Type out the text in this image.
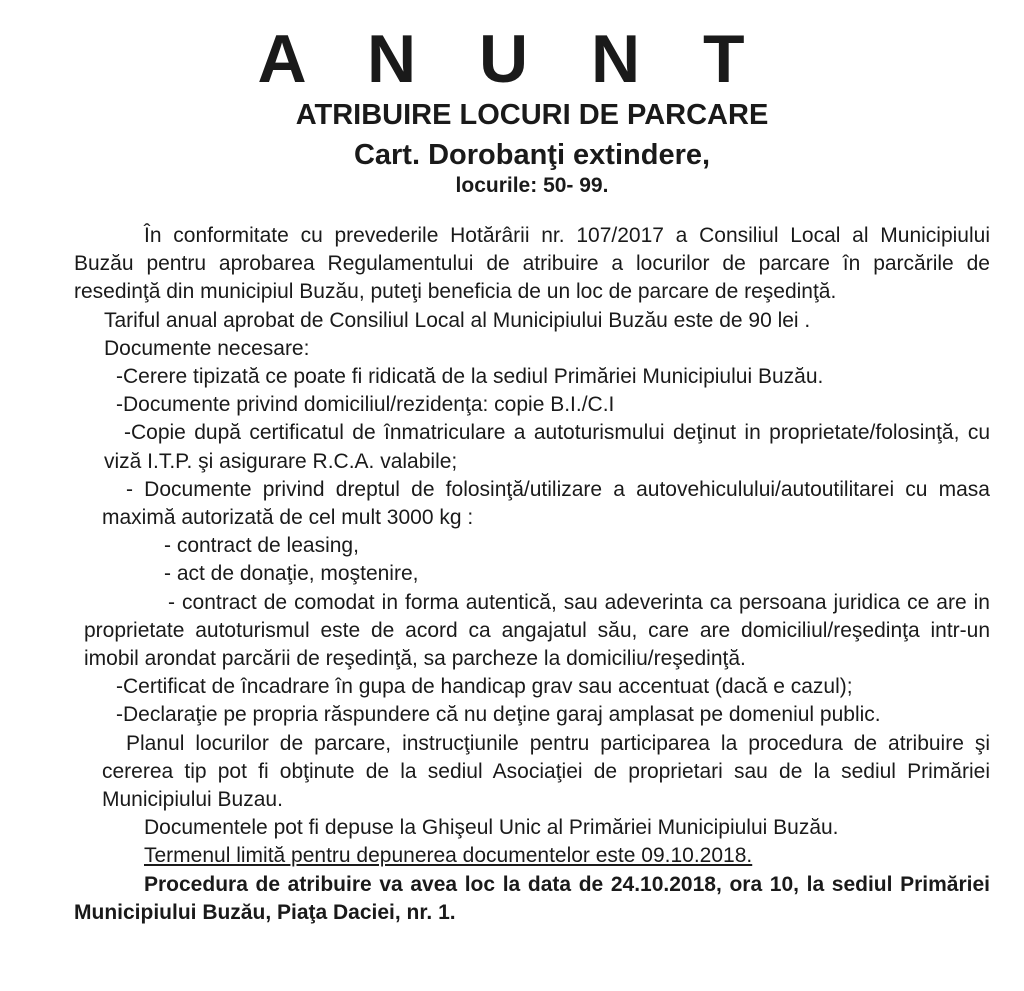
A N U N T
ATRIBUIRE LOCURI DE PARCARE
Cart. Dorobanţi extindere,
locurile: 50- 99.

În conformitate cu prevederile Hotărârii nr. 107/2017 a Consiliul Local al Municipiului Buzău pentru aprobarea Regulamentului de atribuire a locurilor de parcare în parcările de resedinţă din municipiul Buzău, puteţi beneficia de un loc de parcare de reşedinţă.

Tariful anual aprobat de Consiliul Local al Municipiului Buzău este de 90 lei .

Documente necesare:

-Cerere tipizată ce poate fi ridicată de la sediul Primăriei Municipiului Buzău.

-Documente privind domiciliul/rezidenţa: copie B.I./C.I

-Copie după certificatul de înmatriculare a autoturismului deţinut in proprietate/folosinţă, cu viză I.T.P. şi asigurare R.C.A. valabile;

- Documente privind dreptul de folosinţă/utilizare a autovehiculului/autoutilitarei cu masa maximă autorizată de cel mult 3000 kg :

- contract de leasing,

- act de donaţie, moştenire,

- contract de comodat in forma autentică, sau adeverinta ca persoana juridica ce are in proprietate autoturismul este de acord ca angajatul său, care are domiciliul/reşedinţa intr-un imobil arondat parcării de reşedinţă, sa parcheze la domiciliu/reşedinţă.

-Certificat de încadrare în gupa de handicap grav sau accentuat (dacă e cazul);

-Declaraţie pe propria răspundere că nu deţine garaj amplasat pe domeniul public.

Planul locurilor de parcare, instrucţiunile pentru participarea la procedura de atribuire şi cererea tip pot fi obţinute de la sediul Asociaţiei de proprietari sau de la sediul Primăriei Municipiului Buzau.

Documentele pot fi depuse la Ghişeul Unic al Primăriei Municipiului Buzău.

Termenul limită pentru depunerea documentelor este 09.10.2018.

Procedura de atribuire va avea loc la data de 24.10.2018, ora 10, la sediul Primăriei Municipiului Buzău, Piaţa Daciei, nr. 1.
